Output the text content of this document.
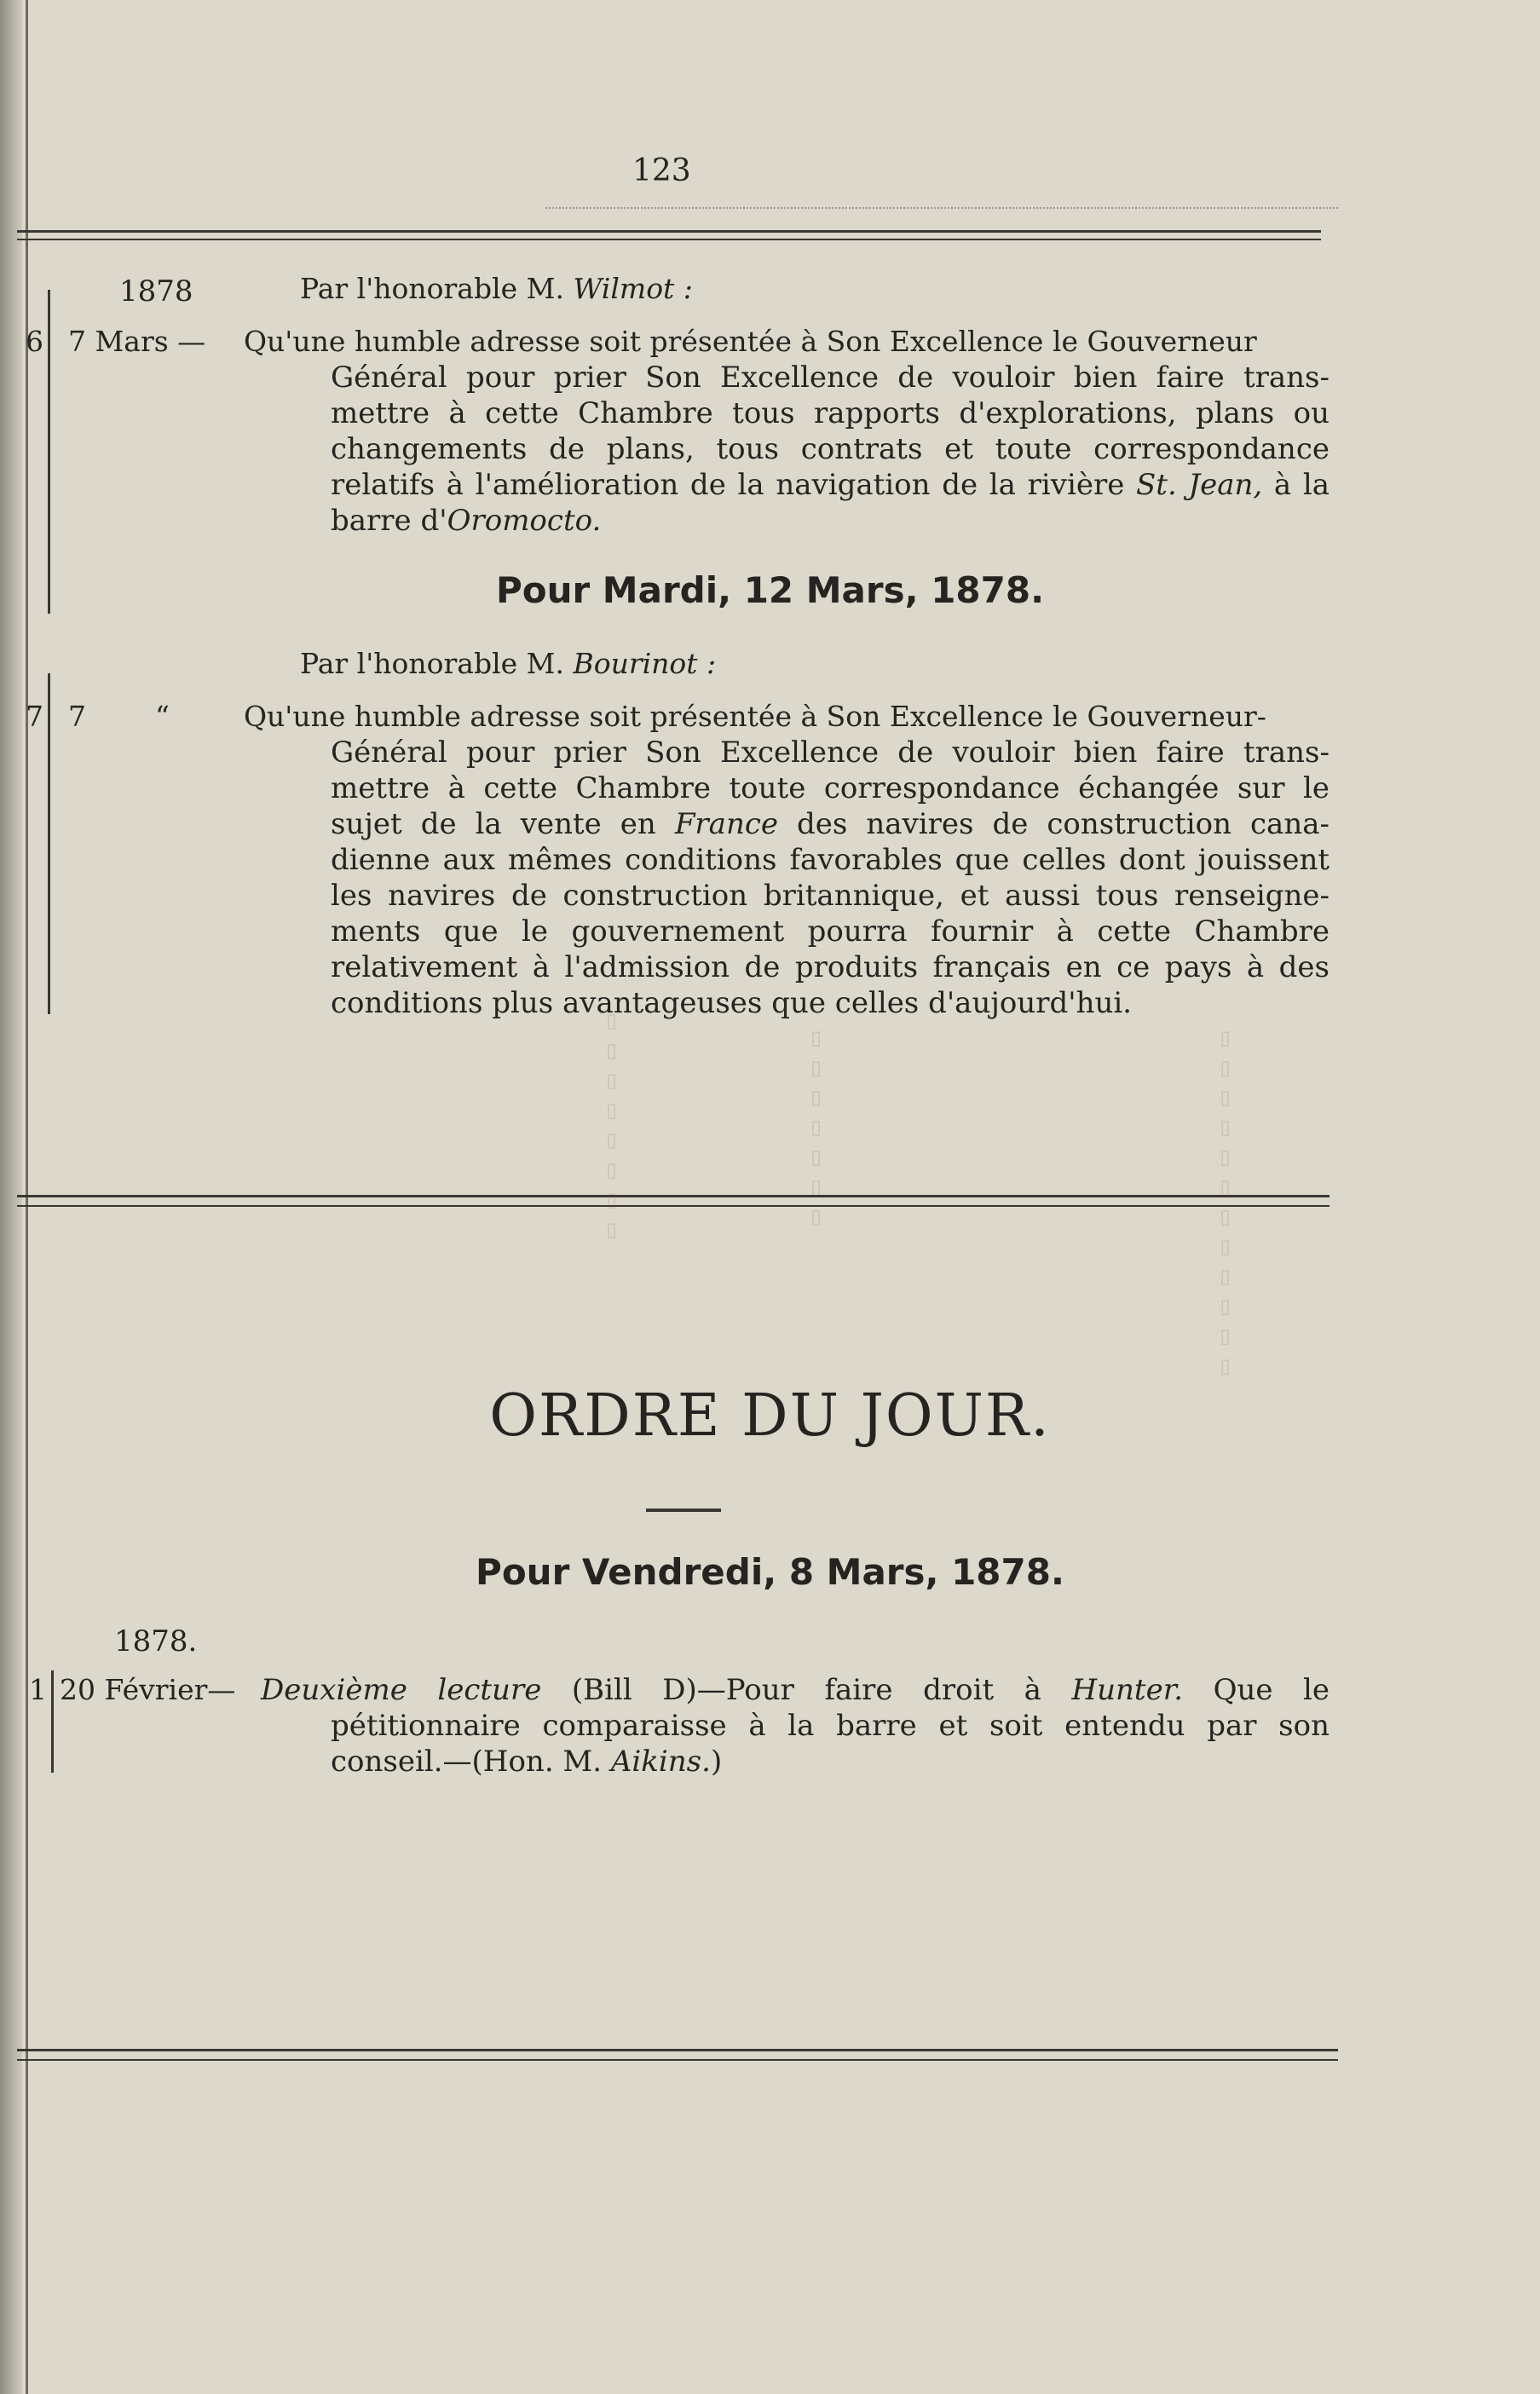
123
1878	Par l'honorable M. Wilmot :
6 7 Mars — Qu'une humble adresse soit présentée à Son Excellence le Gouverneur
Général pour prier Son Excellence de vouloir bien faire trans-
mettre à cette Chambre tous rapports d'explorations, plans ou
changements de plans, tous contrats et toute correspondance
relatifs à l'amélioration de la navigation de la rivière St. Jean, à la
barre d'Oromocto.
Pour Mardi, 12 Mars, 1878.
Par l'honorable M. Bourinot :
7 7 “	Qu'une humble adresse soit présentée à Son Excellence le Gouverneur-
Général pour prier Son Excellence de vouloir bien faire trans-
mettre à cette Chambre toute correspondance échangée sur le
sujet de la vente en France des navires de construction cana-
dienne aux mêmes conditions favorables que celles dont jouissent
les navires de construction britannique, et aussi tous renseigne-
ments que le gouvernement pourra fournir à cette Chambre
relativement à l'admission de produits français en ce pays à des
conditions plus avantageuses que celles d'aujourd'hui.
▯▯▯▯▯▯▯▯	▯▯▯▯▯▯▯	▯▯▯▯▯▯▯▯▯▯▯▯
ORDRE DU JOUR.
Pour Vendredi, 8 Mars, 1878.
1878.
1 20 Février— Deuxième lecture (Bill D)—Pour faire droit à Hunter. Que le
pétitionnaire comparaisse à la barre et soit entendu par son
conseil.—(Hon. M. Aikins.)
